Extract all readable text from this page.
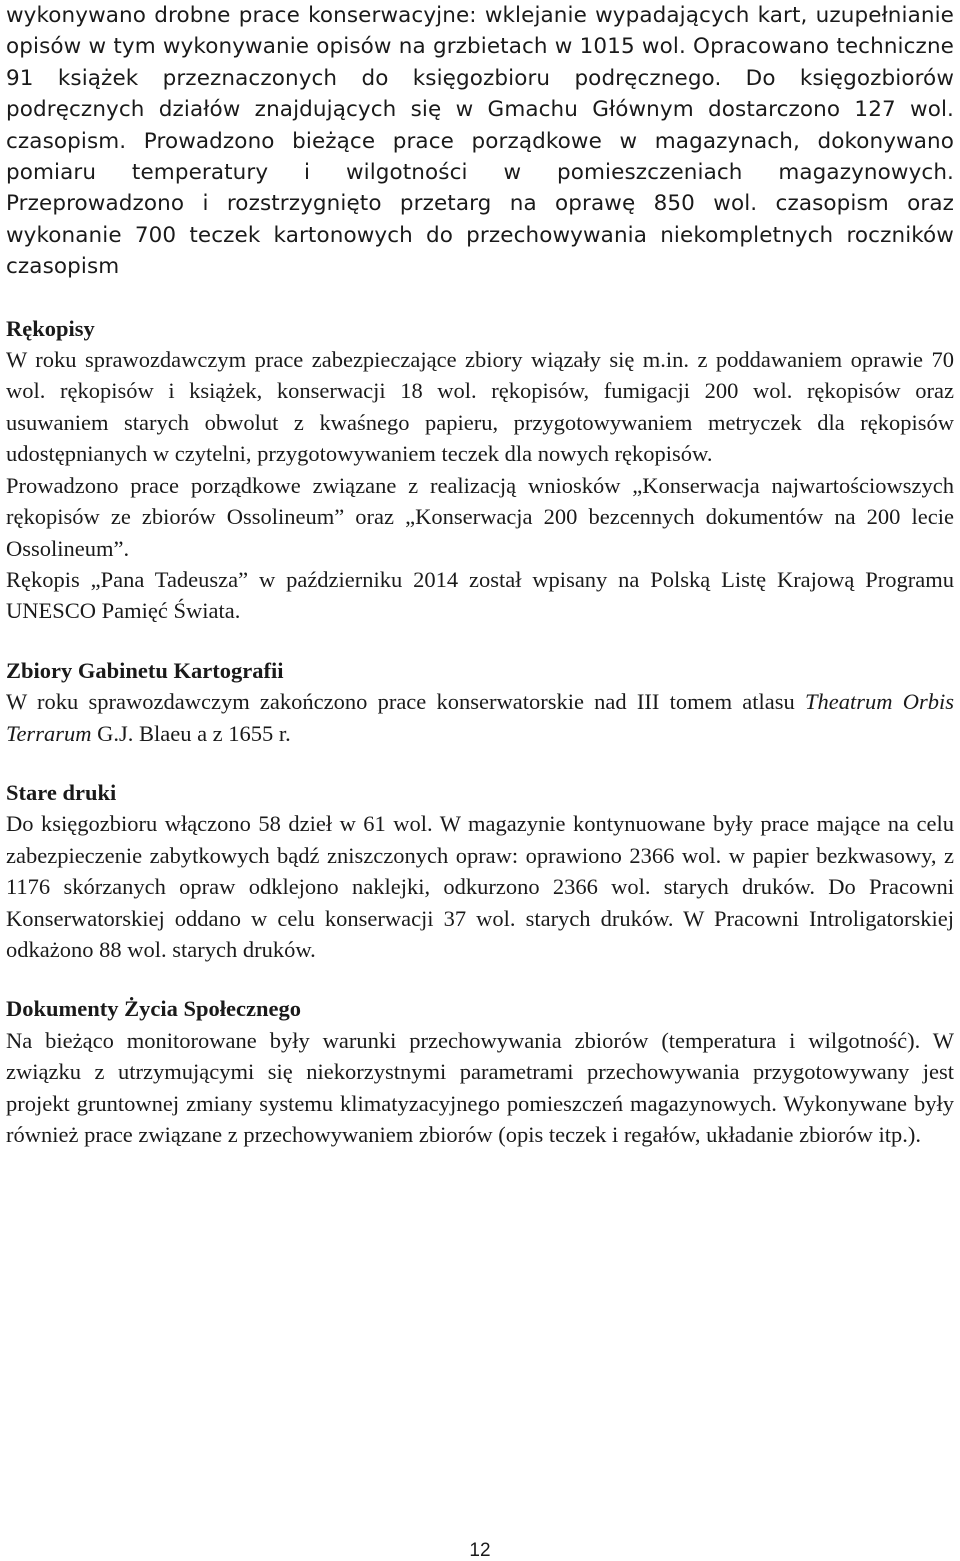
wykonywano drobne prace konserwacyjne: wklejanie wypadających kart, uzupełnianie opisów w tym wykonywanie opisów na grzbietach w 1015 wol. Opracowano techniczne 91 książek przeznaczonych do księgozbioru podręcznego. Do księgozbiorów podręcznych działów znajdujących się w Gmachu Głównym dostarczono 127 wol. czasopism. Prowadzono bieżące prace porządkowe w magazynach, dokonywano pomiaru temperatury i wilgotności w pomieszczeniach magazynowych. Przeprowadzono i rozstrzygnięto przetarg na oprawę 850 wol. czasopism oraz wykonanie 700 teczek kartonowych do przechowywania niekompletnych roczników czasopism

Rękopisy

W roku sprawozdawczym prace zabezpieczające zbiory wiązały się m.in. z poddawaniem oprawie 70 wol. rękopisów i książek, konserwacji 18 wol. rękopisów, fumigacji 200 wol. rękopisów oraz usuwaniem starych obwolut z kwaśnego papieru, przygotowywaniem metryczek dla rękopisów udostępnianych w czytelni, przygotowywaniem teczek dla nowych rękopisów.

Prowadzono prace porządkowe związane z realizacją wniosków „Konserwacja najwartościowszych rękopisów ze zbiorów Ossolineum” oraz „Konserwacja 200 bezcennych dokumentów na 200 lecie Ossolineum”.

Rękopis „Pana Tadeusza” w październiku 2014 został wpisany na Polską Listę Krajową Programu UNESCO Pamięć Świata.

Zbiory Gabinetu Kartografii

W roku sprawozdawczym zakończono prace konserwatorskie nad III tomem atlasu Theatrum Orbis Terrarum G.J. Blaeu a z 1655 r.

Stare druki

Do księgozbioru włączono 58 dzieł w 61 wol. W magazynie kontynuowane były prace mające na celu zabezpieczenie zabytkowych bądź zniszczonych opraw: oprawiono 2366 wol. w papier bezkwasowy, z 1176 skórzanych opraw odklejono naklejki, odkurzono 2366 wol. starych druków. Do Pracowni Konserwatorskiej oddano w celu konserwacji 37 wol. starych druków. W Pracowni Introligatorskiej odkażono 88 wol. starych druków.

Dokumenty Życia Społecznego

Na bieżąco monitorowane były warunki przechowywania zbiorów (temperatura i wilgotność). W związku z utrzymującymi się niekorzystnymi parametrami przechowywania przygotowywany jest projekt gruntownej zmiany systemu klimatyzacyjnego pomieszczeń magazynowych. Wykonywane były również prace związane z przechowywaniem zbiorów (opis teczek i regałów, układanie zbiorów itp.).

12
